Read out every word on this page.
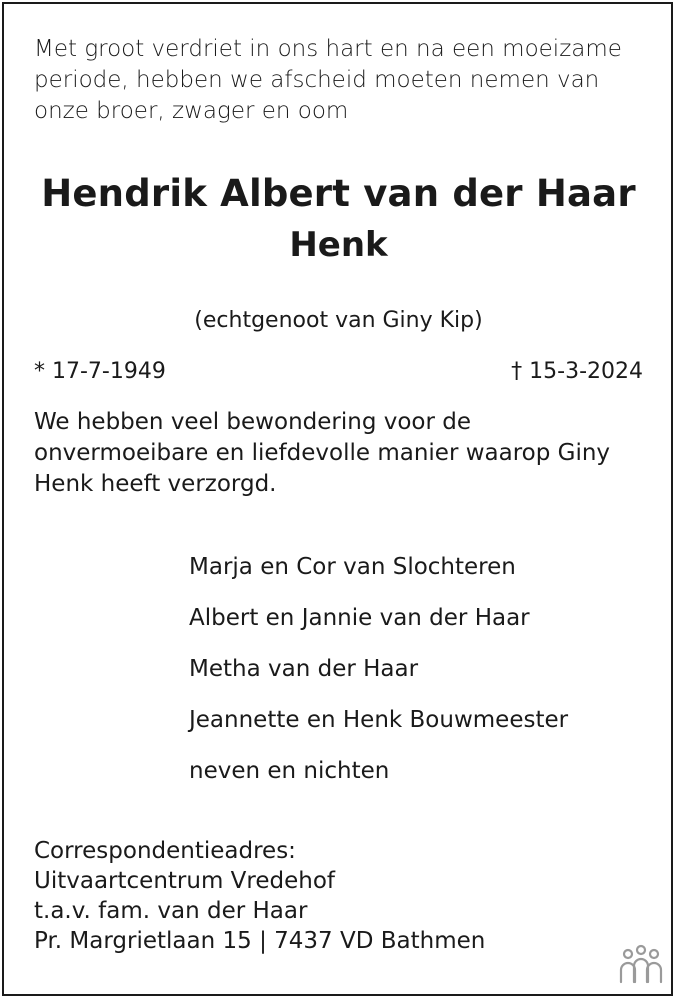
Met groot verdriet in ons hart en na een moeizame
periode, hebben we afscheid moeten nemen van
onze broer, zwager en oom

Hendrik Albert van der Haar
Henk
(echtgenoot van Giny Kip)
* 17-7-1949	† 15-3-2024

We hebben veel bewondering voor de
onvermoeibare en liefdevolle manier waarop Giny
Henk heeft verzorgd.

Marja en Cor van Slochteren
Albert en Jannie van der Haar
Metha van der Haar
Jeannette en Henk Bouwmeester
neven en nichten
Correspondentieadres:
Uitvaartcentrum Vredehof
t.a.v. fam. van der Haar
Pr. Margrietlaan 15 | 7437 VD Bathmen
